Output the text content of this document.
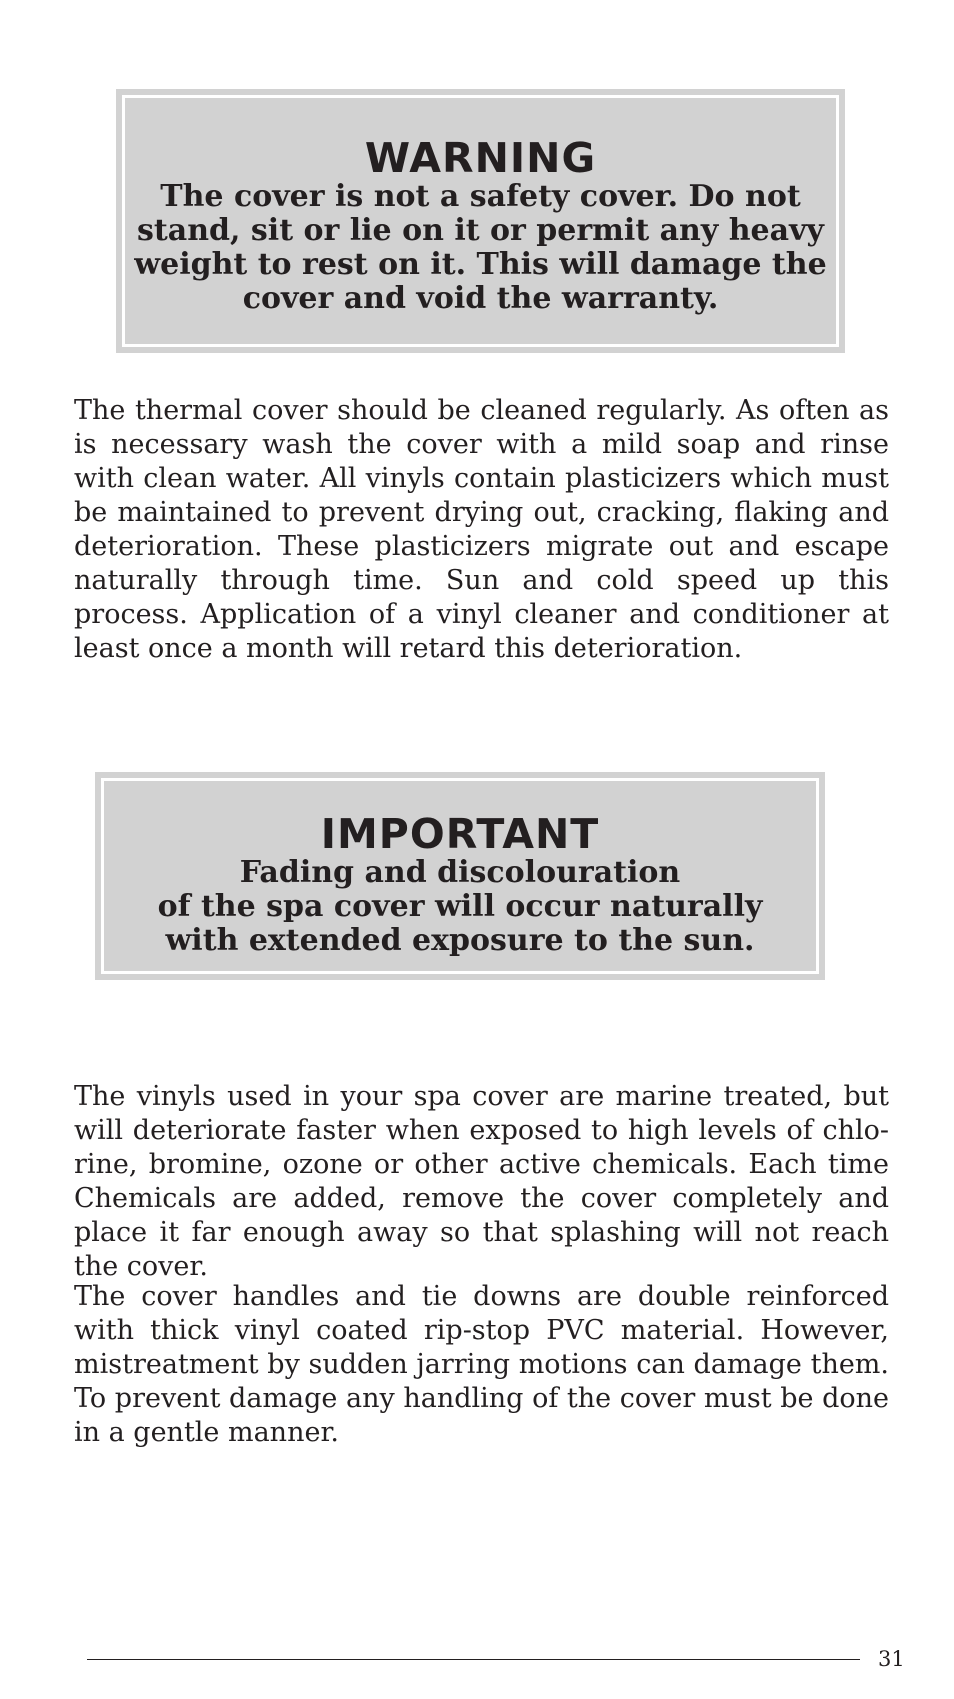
WARNING

The cover is not a safety cover. Do not
stand, sit or lie on it or permit any heavy
weight to rest on it. This will damage the
cover and void the warranty.

The thermal cover should be cleaned regularly. As often as is necessary wash the cover with a mild soap and rinse with clean water. All vinyls contain plasticizers which must be maintained to prevent drying out, cracking, flaking and deterioration. These plasticizers migrate out and escape naturally through time. Sun and cold speed up this process. Application of a vinyl cleaner and conditioner at least once a month will retard this deterioration.

IMPORTANT

Fading and discolouration
of the spa cover will occur naturally
with extended exposure to the sun.

The vinyls used in your spa cover are marine treated, but will deteriorate faster when exposed to high levels of chlorine, bromine, ozone or other active chemicals. Each time Chemicals are added, remove the cover completely and place it far enough away so that splashing will not reach the cover.

The cover handles and tie downs are double reinforced with thick vinyl coated rip-stop PVC material. However, mistreatment by sudden jarring motions can damage them. To prevent damage any handling of the cover must be done in a gentle manner.

31
